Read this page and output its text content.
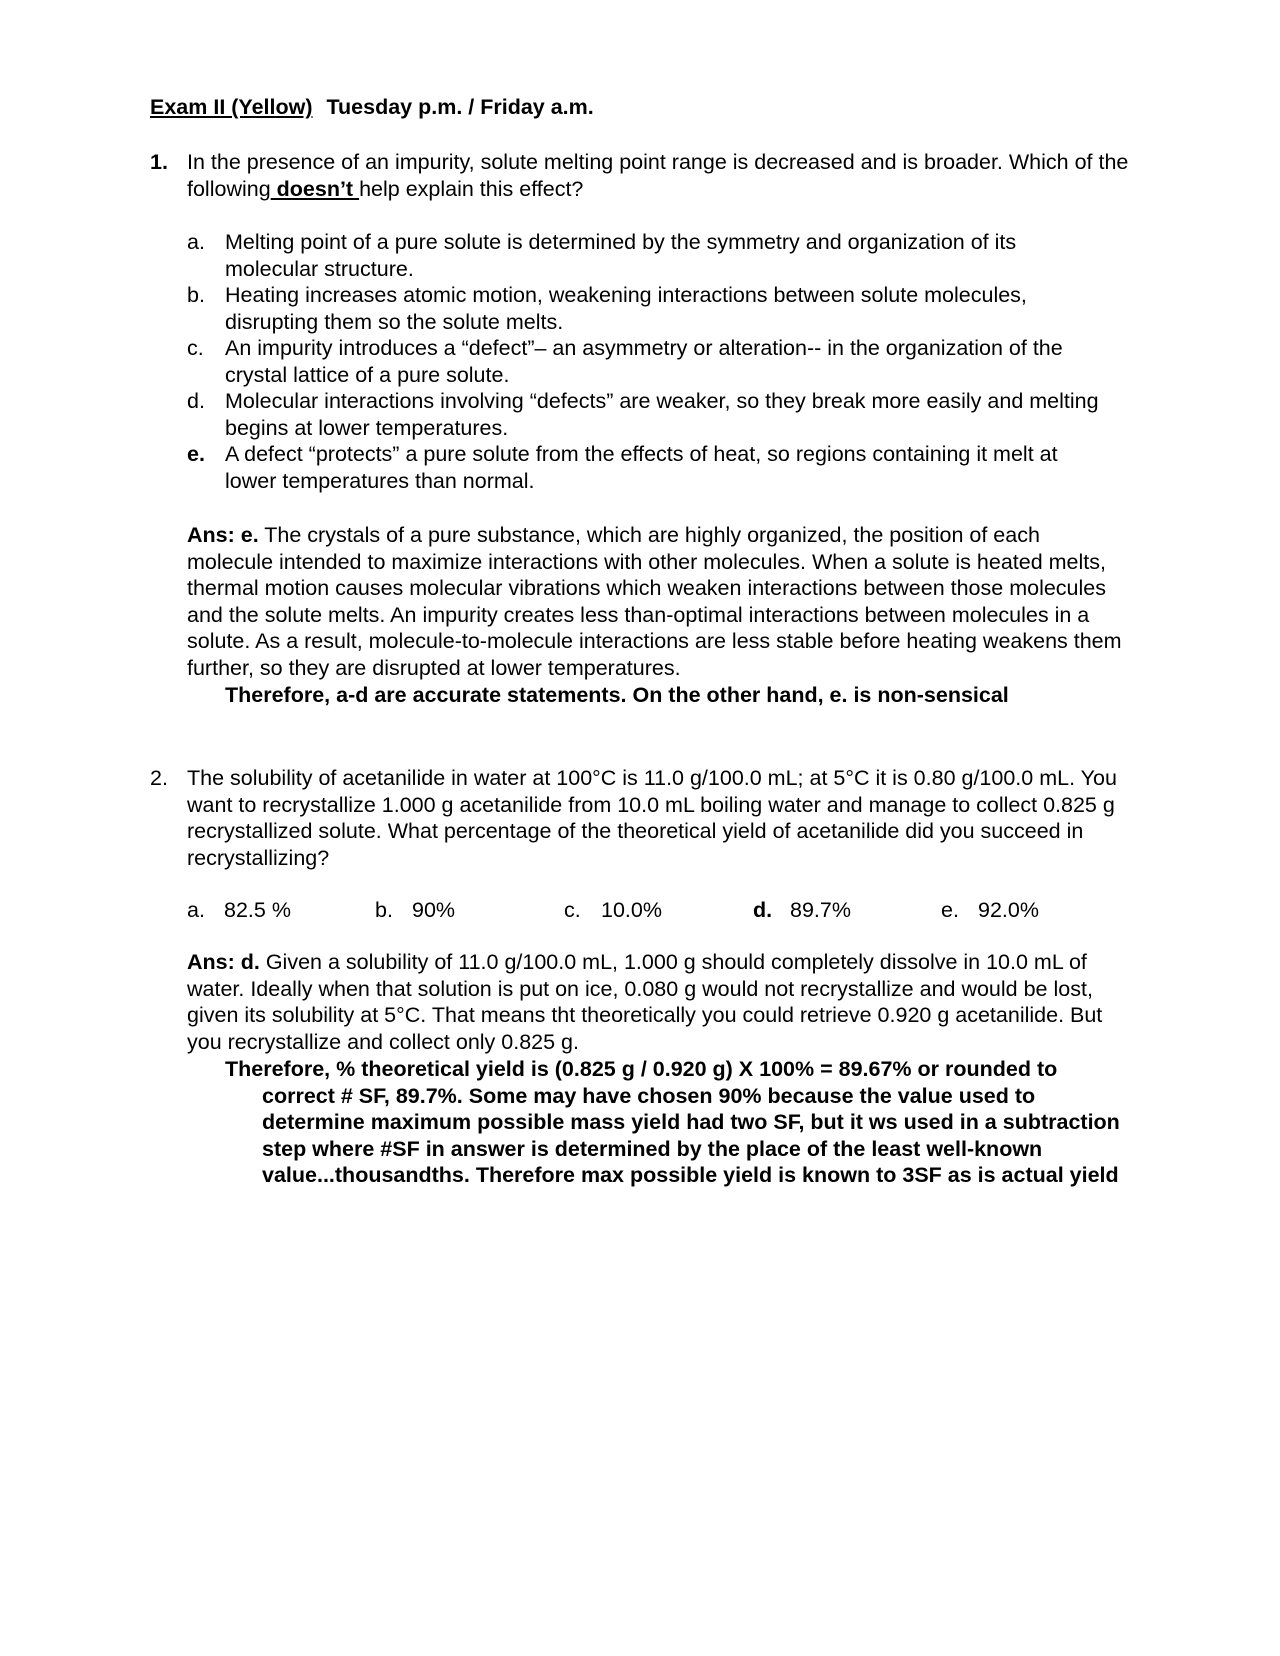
Exam II (Yellow) Tuesday p.m. / Friday a.m.
1. In the presence of an impurity, solute melting point range is decreased and is broader. Which of the following doesn’t help explain this effect?
a. Melting point of a pure solute is determined by the symmetry and organization of its molecular structure.
b. Heating increases atomic motion, weakening interactions between solute molecules, disrupting them so the solute melts.
c. An impurity introduces a “defect”– an asymmetry or alteration-- in the organization of the crystal lattice of a pure solute.
d. Molecular interactions involving “defects” are weaker, so they break more easily and melting begins at lower temperatures.
e. A defect “protects” a pure solute from the effects of heat, so regions containing it melt at lower temperatures than normal.
Ans: e. The crystals of a pure substance, which are highly organized, the position of each molecule intended to maximize interactions with other molecules. When a solute is heated melts, thermal motion causes molecular vibrations which weaken interactions between those molecules and the solute melts. An impurity creates less than-optimal interactions between molecules in a solute. As a result, molecule-to-molecule interactions are less stable before heating weakens them further, so they are disrupted at lower temperatures.
Therefore, a-d are accurate statements. On the other hand, e. is non-sensical
2. The solubility of acetanilide in water at 100°C is 11.0 g/100.0 mL; at 5°C it is 0.80 g/100.0 mL. You want to recrystallize 1.000 g acetanilide from 10.0 mL boiling water and manage to collect 0.825 g recrystallized solute. What percentage of the theoretical yield of acetanilide did you succeed in recrystallizing?
a. 82.5 %	b. 90%	c. 10.0%	d. 89.7%	e. 92.0%
Ans: d. Given a solubility of 11.0 g/100.0 mL, 1.000 g should completely dissolve in 10.0 mL of water. Ideally when that solution is put on ice, 0.080 g would not recrystallize and would be lost, given its solubility at 5°C. That means tht theoretically you could retrieve 0.920 g acetanilide. But you recrystallize and collect only 0.825 g.
Therefore, % theoretical yield is (0.825 g / 0.920 g) X 100% = 89.67% or rounded to
correct # SF, 89.7%. Some may have chosen 90% because the value used to determine maximum possible mass yield had two SF, but it ws used in a subtraction step where #SF in answer is determined by the place of the least well-known value...thousandths. Therefore max possible yield is known to 3SF as is actual yield
